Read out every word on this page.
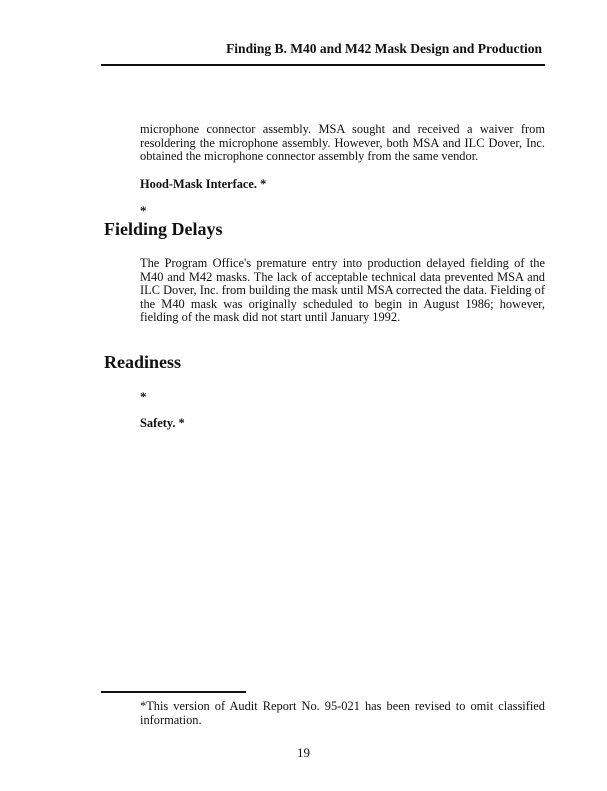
Finding B. M40 and M42 Mask Design and Production

microphone connector assembly. MSA sought and received a waiver from resoldering the microphone assembly. However, both MSA and ILC Dover, Inc. obtained the microphone connector assembly from the same vendor.

Hood-Mask Interface. *
*
Fielding Delays

The Program Office's premature entry into production delayed fielding of the M40 and M42 masks. The lack of acceptable technical data prevented MSA and ILC Dover, Inc. from building the mask until MSA corrected the data. Fielding of the M40 mask was originally scheduled to begin in August 1986; however, fielding of the mask did not start until January 1992.

Readiness
*
Safety. *

*This version of Audit Report No. 95-021 has been revised to omit classified information.

19
